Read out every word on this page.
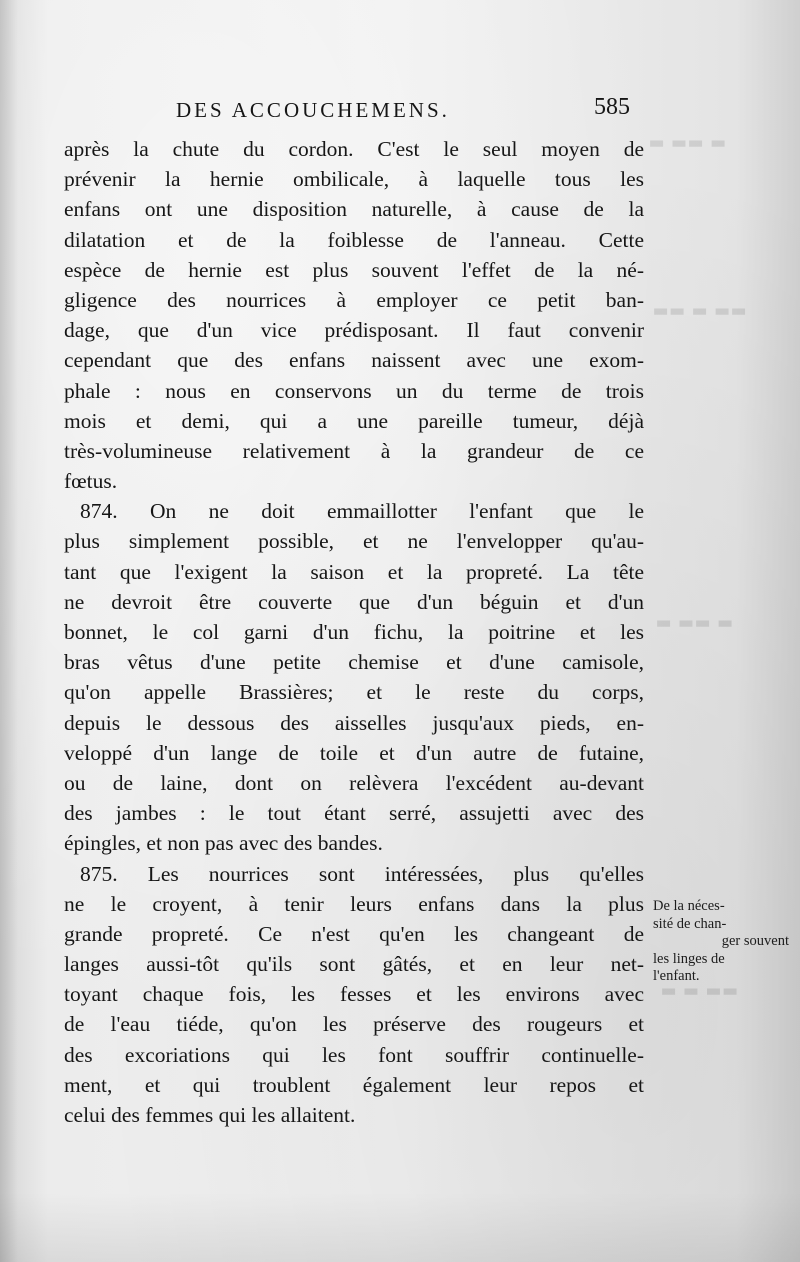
▬ ▬▬ ▬
▬▬ ▬ ▬▬
▬ ▬▬ ▬
▬▬ ▬ ▬
DES ACCOUCHEMENS.	585
après la chute du cordon. C'est le seul moyen de
prévenir la hernie ombilicale, à laquelle tous les
enfans ont une disposition naturelle, à cause de la
dilatation et de la foiblesse de l'anneau. Cette
espèce de hernie est plus souvent l'effet de la né-
gligence des nourrices à employer ce petit ban-
dage, que d'un vice prédisposant. Il faut convenir
cependant que des enfans naissent avec une exom-
phale : nous en conservons un du terme de trois
mois et demi, qui a une pareille tumeur, déjà
très-volumineuse relativement à la grandeur de ce
fœtus.
874. On ne doit emmaillotter l'enfant que le
plus simplement possible, et ne l'envelopper qu'au-
tant que l'exigent la saison et la propreté. La tête
ne devroit être couverte que d'un béguin et d'un
bonnet, le col garni d'un fichu, la poitrine et les
bras vêtus d'une petite chemise et d'une camisole,
qu'on appelle Brassières; et le reste du corps,
depuis le dessous des aisselles jusqu'aux pieds, en-
veloppé d'un lange de toile et d'un autre de futaine,
ou de laine, dont on relèvera l'excédent au-devant
des jambes : le tout étant serré, assujetti avec des
épingles, et non pas avec des bandes.
875. Les nourrices sont intéressées, plus qu'elles
ne le croyent, à tenir leurs enfans dans la plus
grande propreté. Ce n'est qu'en les changeant de
langes aussi-tôt qu'ils sont gâtés, et en leur net-
toyant chaque fois, les fesses et les environs avec
de l'eau tiéde, qu'on les préserve des rougeurs et
des excoriations qui les font souffrir continuelle-
ment, et qui troublent également leur repos et
celui des femmes qui les allaitent.
De la néces-
sité de chan-
ger souvent
les linges de
l'enfant.
